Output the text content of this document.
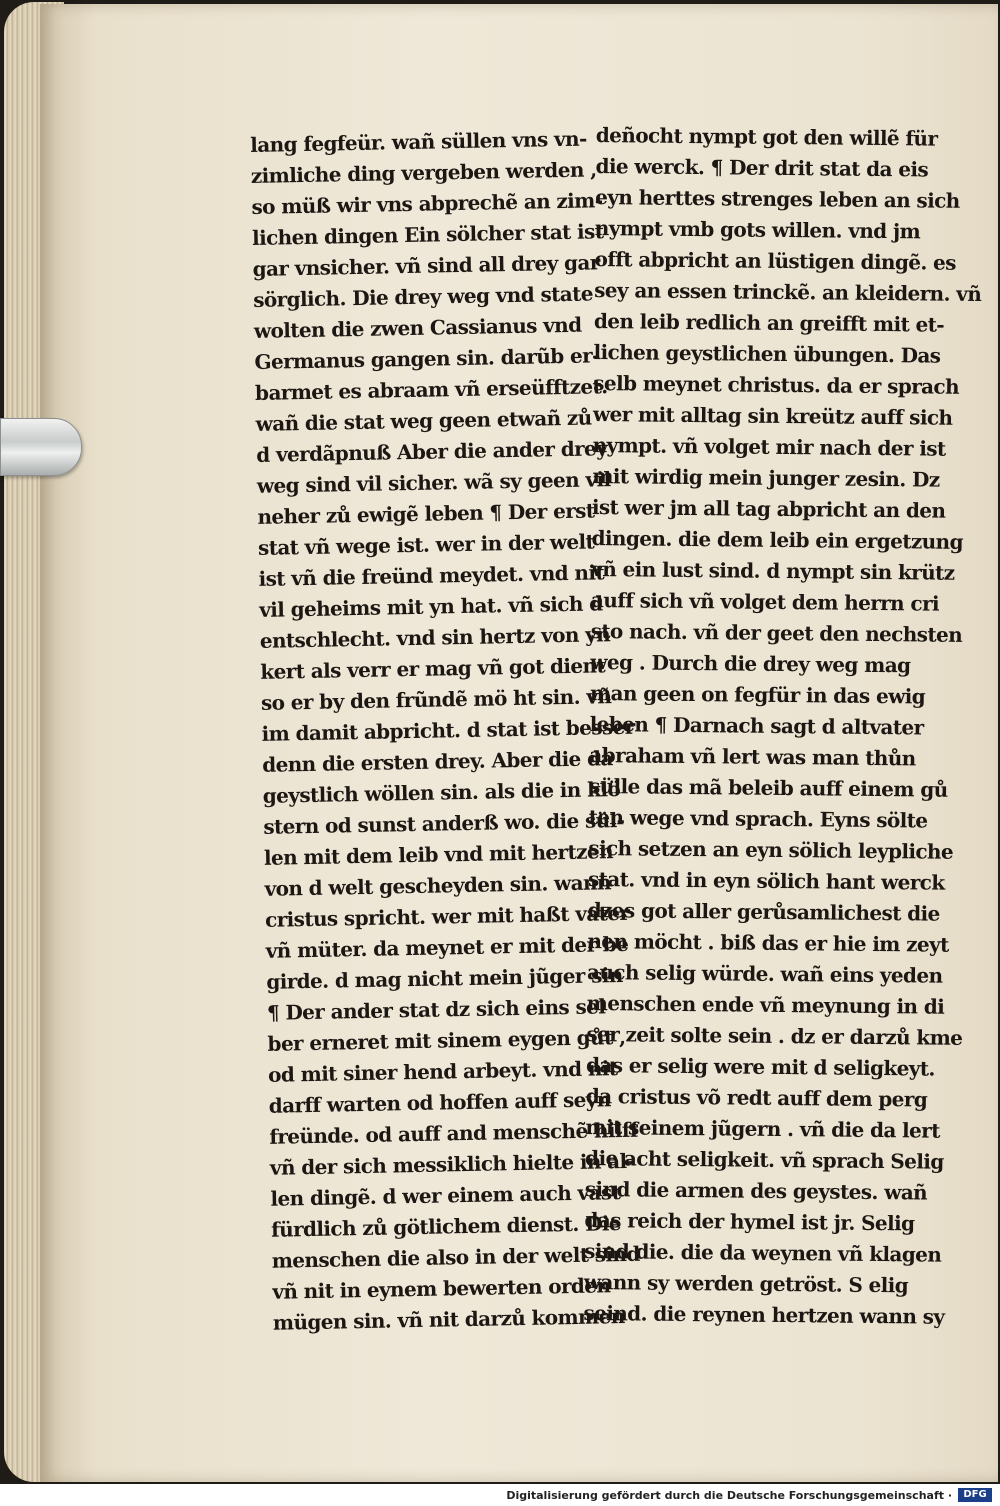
lang fegfeür. wañ süllen vns vn-
zimliche ding vergeben werden ,
so müß wir vns abprechẽ an zim-
lichen dingen Ein sölcher stat ist
gar vnsicher. vñ sind all drey gar
sörglich. Die drey weg vnd state
wolten die zwen Cassianus vnd
Germanus gangen sin. darũb er-
barmet es abraam vñ erseüfftzet.
wañ die stat weg geen etwañ zů
d verdãpnuß Aber die ander drey
weg sind vil sicher. wã sy geen vil
neher zů ewigẽ leben ¶ Der erst
stat vñ wege ist. wer in der welt
ist vñ die freünd meydet. vnd nit
vil geheims mit yn hat. vñ sich d
entschlecht. vnd sin hertz von yn
kert als verr er mag vñ got dient
so er by den frũndẽ mö ht sin. vñ
im damit abpricht. d stat ist besser
denn die ersten drey. Aber die da
geystlich wöllen sin. als die in klö
stern od sunst anderß wo. die sül-
len mit dem leib vnd mit hertzen
von d welt gescheyden sin. wann
cristus spricht. wer mit haßt vater
vñ müter. da meynet er mit der be
girde. d mag nicht mein jũger sin
¶ Der ander stat dz sich eins sel
ber erneret mit sinem eygen gůt ,
od mit siner hend arbeyt. vnd nit
darff warten od hoffen auff seyn
freünde. od auff and menschẽ hilff
vñ der sich messiklich hielte in al-
len dingẽ. d wer einem auch vast
fürdlich zů götlichem dienst. Die
menschen die also in der welt sind
vñ nit in eynem bewerten orden
mügen sin. vñ nit darzů kommen
deñocht nympt got den willẽ für
die werck. ¶ Der drit stat da eis
eyn herttes strenges leben an sich
nympt vmb gots willen. vnd jm
offt abpricht an lüstigen dingẽ. es
sey an essen trinckẽ. an kleidern. vñ
den leib redlich an greifft mit et-
lichen geystlichen übungen. Das
selb meynet christus. da er sprach
wer mit alltag sin kreütz auff sich
nympt. vñ volget mir nach der ist
mit wirdig mein junger zesin. Dz
ist wer jm all tag abpricht an den
dingen. die dem leib ein ergetzung
vñ ein lust sind. d nympt sin krütz
auff sich vñ volget dem herrn cri
sto nach. vñ der geet den nechsten
weg . Durch die drey weg mag
man geen on fegfür in das ewig
leben ¶ Darnach sagt d altvater
abraham vñ lert was man thůn
sülle das mã beleib auff einem gů
ten wege vnd sprach. Eyns sölte
sich setzen an eyn sölich leypliche
stat. vnd in eyn sölich hant werck
dzes got aller gerůsamlichest die
nen möcht . biß das er hie im zeyt
auch selig würde. wañ eins yeden
menschen ende vñ meynung in di
ser zeit solte sein . dz er darzů kme
das er selig were mit d seligkeyt.
da cristus võ redt auff dem perg
mit seinem jũgern . vñ die da lert
die acht seligkeit. vñ sprach Selig
sind die armen des geystes. wañ
das reich der hymel ist jr. Selig
sind die. die da weynen vñ klagen
wann sy werden getröst. S elig
seind. die reynen hertzen wann sy
Digitalisierung gefördert durch die Deutsche Forschungsgemeinschaft ·	DFG
